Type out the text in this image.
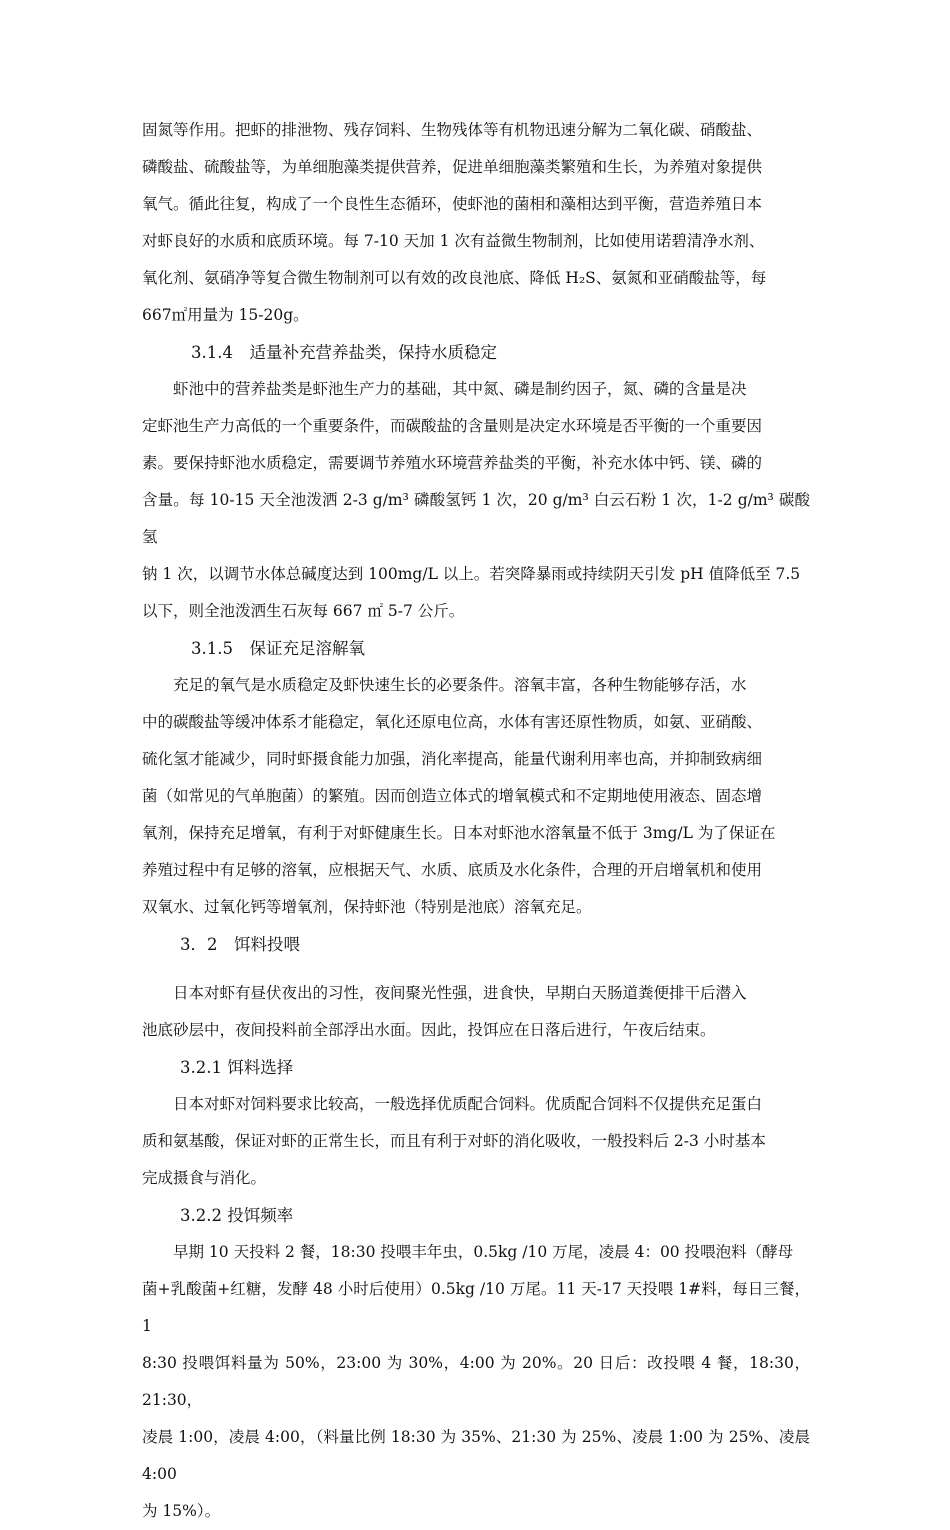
固氮等作用。把虾的排泄物、残存饲料、生物残体等有机物迅速分解为二氧化碳、硝酸盐、

磷酸盐、硫酸盐等，为单细胞藻类提供营养，促进单细胞藻类繁殖和生长，为养殖对象提供

氧气。循此往复，构成了一个良性生态循环，使虾池的菌相和藻相达到平衡，营造养殖日本

对虾良好的水质和底质环境。每 7-10 天加 1 次有益微生物制剂，比如使用诺碧清净水剂、

氧化剂、氨硝净等复合微生物制剂可以有效的改良池底、降低 H₂S、氨氮和亚硝酸盐等，每

667㎡用量为 15-20g。

3.1.4　适量补充营养盐类，保持水质稳定

虾池中的营养盐类是虾池生产力的基础，其中氮、磷是制约因子，氮、磷的含量是决

定虾池生产力高低的一个重要条件，而碳酸盐的含量则是决定水环境是否平衡的一个重要因

素。要保持虾池水质稳定，需要调节养殖水环境营养盐类的平衡，补充水体中钙、镁、磷的

含量。每 10-15 天全池泼洒 2-3 g/m³ 磷酸氢钙 1 次，20 g/m³ 白云石粉 1 次，1-2 g/m³ 碳酸氢

钠 1 次，以调节水体总碱度达到 100mg/L 以上。若突降暴雨或持续阴天引发 pH 值降低至 7.5

以下，则全池泼洒生石灰每 667 ㎡ 5-7 公斤。

3.1.5　保证充足溶解氧

充足的氧气是水质稳定及虾快速生长的必要条件。溶氧丰富，各种生物能够存活，水

中的碳酸盐等缓冲体系才能稳定，氧化还原电位高，水体有害还原性物质，如氨、亚硝酸、

硫化氢才能减少，同时虾摄食能力加强，消化率提高，能量代谢利用率也高，并抑制致病细

菌（如常见的气单胞菌）的繁殖。因而创造立体式的增氧模式和不定期地使用液态、固态增

氧剂，保持充足增氧，有利于对虾健康生长。日本对虾池水溶氧量不低于 3mg/L 为了保证在

养殖过程中有足够的溶氧，应根据天气、水质、底质及水化条件，合理的开启增氧机和使用

双氧水、过氧化钙等增氧剂，保持虾池（特别是池底）溶氧充足。

3．2　饵料投喂

日本对虾有昼伏夜出的习性，夜间聚光性强，进食快，早期白天肠道粪便排干后潜入

池底砂层中，夜间投料前全部浮出水面。因此，投饵应在日落后进行，午夜后结束。

3.2.1 饵料选择

日本对虾对饲料要求比较高，一般选择优质配合饲料。优质配合饲料不仅提供充足蛋白

质和氨基酸，保证对虾的正常生长，而且有利于对虾的消化吸收，一般投料后 2-3 小时基本

完成摄食与消化。

3.2.2 投饵频率

早期 10 天投料 2 餐，18:30 投喂丰年虫，0.5kg /10 万尾，凌晨 4：00 投喂泡料（酵母

菌+乳酸菌+红糖，发酵 48 小时后使用）0.5kg /10 万尾。11 天-17 天投喂 1#料，每日三餐，1

8:30 投喂饵料量为 50%，23:00 为 30%，4:00 为 20%。20 日后：改投喂 4 餐，18:30，21:30，

凌晨 1:00，凌晨 4:00，（料量比例 18:30 为 35%、21:30 为 25%、凌晨 1:00 为 25%、凌晨 4:00

为 15%）。
